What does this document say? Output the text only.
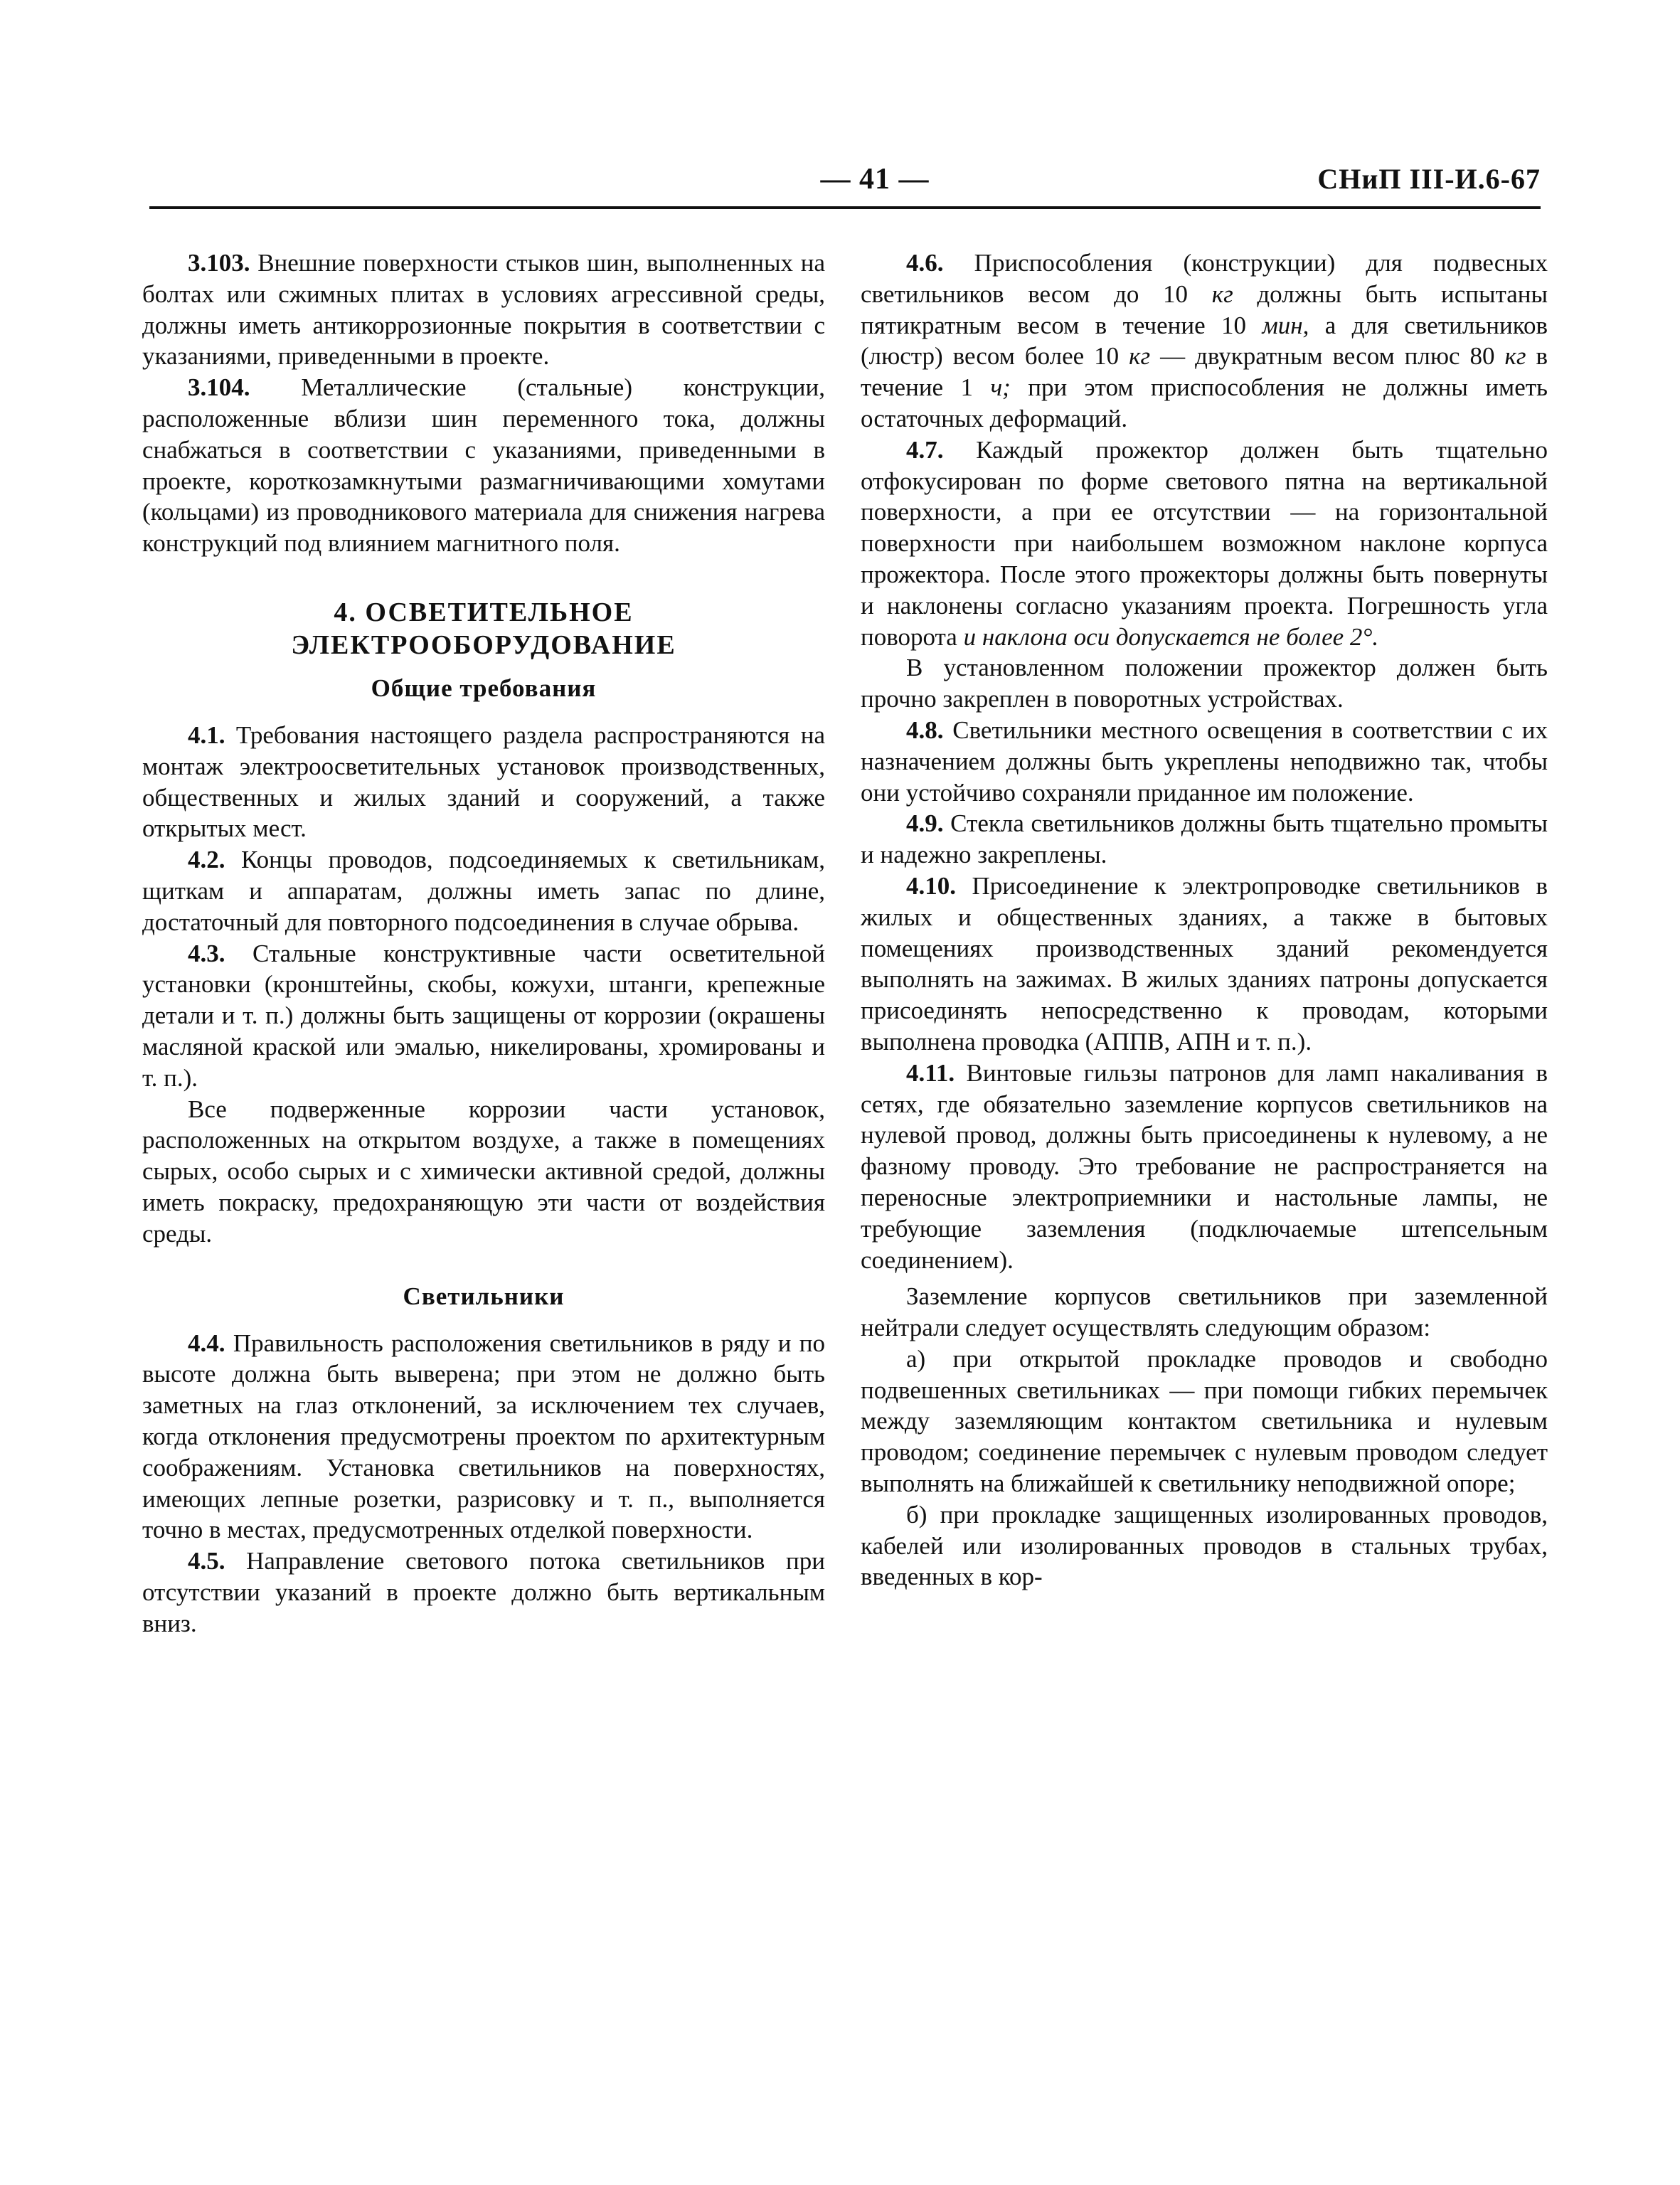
— 41 —	СНиП III-И.6-67

3.103. Внешние поверхности стыков шин, выполненных на болтах или сжимных плитах в условиях агрессивной среды, должны иметь антикоррозионные покрытия в соответствии с указаниями, приведенными в проекте.

3.104. Металлические (стальные) конструкции, расположенные вблизи шин переменного тока, должны снабжаться в соответствии с указаниями, приведенными в проекте, короткозамкнутыми размагничивающими хомутами (кольцами) из проводникового материала для снижения нагрева конструкций под влиянием магнитного поля.

4. ОСВЕТИТЕЛЬНОЕ

ЭЛЕКТРООБОРУДОВАНИЕ

Общие требования

4.1. Требования настоящего раздела распространяются на монтаж электроосветительных установок производственных, общественных и жилых зданий и сооружений, а также открытых мест.

4.2. Концы проводов, подсоединяемых к светильникам, щиткам и аппаратам, должны иметь запас по длине, достаточный для повторного подсоединения в случае обрыва.

4.3. Стальные конструктивные части осветительной установки (кронштейны, скобы, кожухи, штанги, крепежные детали и т. п.) должны быть защищены от коррозии (окрашены масляной краской или эмалью, никелированы, хромированы и т. п.).

Все подверженные коррозии части установок, расположенных на открытом воздухе, а также в помещениях сырых, особо сырых и с химически активной средой, должны иметь покраску, предохраняющую эти части от воздействия среды.

Светильники

4.4. Правильность расположения светильников в ряду и по высоте должна быть выверена; при этом не должно быть заметных на глаз отклонений, за исключением тех случаев, когда отклонения предусмотрены проектом по архитектурным соображениям. Установка светильников на поверхностях, имеющих лепные розетки, разрисовку и т. п., выполняется точно в местах, предусмотренных отделкой поверхности.

4.5. Направление светового потока светильников при отсутствии указаний в проекте должно быть вертикальным вниз.

4.6. Приспособления (конструкции) для подвесных светильников весом до 10 кг должны быть испытаны пятикратным весом в течение 10 мин, а для светильников (люстр) весом более 10 кг — двукратным весом плюс 80 кг в течение 1 ч; при этом приспособления не должны иметь остаточных деформаций.

4.7. Каждый прожектор должен быть тщательно отфокусирован по форме светового пятна на вертикальной поверхности, а при ее отсутствии — на горизонтальной поверхности при наибольшем возможном наклоне корпуса прожектора. После этого прожекторы должны быть повернуты и наклонены согласно указаниям проекта. Погрешность угла поворота и наклона оси допускается не более 2°.

В установленном положении прожектор должен быть прочно закреплен в поворотных устройствах.

4.8. Светильники местного освещения в соответствии с их назначением должны быть укреплены неподвижно так, чтобы они устойчиво сохраняли приданное им положение.

4.9. Стекла светильников должны быть тщательно промыты и надежно закреплены.

4.10. Присоединение к электропроводке светильников в жилых и общественных зданиях, а также в бытовых помещениях производственных зданий рекомендуется выполнять на зажимах. В жилых зданиях патроны допускается присоединять непосредственно к проводам, которыми выполнена проводка (АППВ, АПН и т. п.).

4.11. Винтовые гильзы патронов для ламп накаливания в сетях, где обязательно заземление корпусов светильников на нулевой провод, должны быть присоединены к нулевому, а не фазному проводу. Это требование не распространяется на переносные электроприемники и настольные лампы, не требующие заземления (подключаемые штепсельным соединением).

Заземление корпусов светильников при заземленной нейтрали следует осуществлять следующим образом:

а) при открытой прокладке проводов и свободно подвешенных светильниках — при помощи гибких перемычек между заземляющим контактом светильника и нулевым проводом; соединение перемычек с нулевым проводом следует выполнять на ближайшей к светильнику неподвижной опоре;

б) при прокладке защищенных изолированных проводов, кабелей или изолированных проводов в стальных трубах, введенных в кор-
